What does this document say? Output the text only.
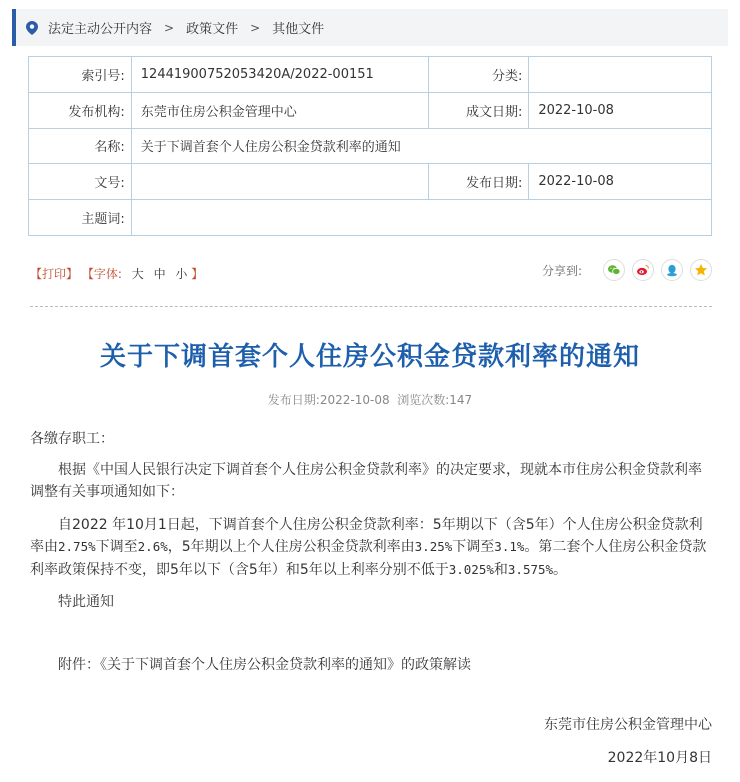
法定主动公开内容 > 政策文件 > 其他文件
索引号:	12441900752053420A/2022-00151	分类:	
发布机构:	东莞市住房公积金管理中心	成文日期:	2022-10-08
名称:	关于下调首套个人住房公积金贷款利率的通知		
文号:		发布日期:	2022-10-08
主题词:			
【打印】 【字体: 大 中 小 】	分享到:
关于下调首套个人住房公积金贷款利率的通知
发布日期:2022-10-08 浏览次数:147

各缴存职工：

根据《中国人民银行决定下调首套个人住房公积金贷款利率》的决定要求，现就本市住房公积金贷款利率调整有关事项通知如下：

自2022 年10月1日起，下调首套个人住房公积金贷款利率：5年期以下（含5年）个人住房公积金贷款利率由2.75%下调至2.6%，5年期以上个人住房公积金贷款利率由3.25%下调至3.1%。第二套个人住房公积金贷款利率政策保持不变，即5年以下（含5年）和5年以上利率分别不低于3.025%和3.575%。

特此通知

附件：《关于下调首套个人住房公积金贷款利率的通知》的政策解读

东莞市住房公积金管理中心

2022年10月8日
